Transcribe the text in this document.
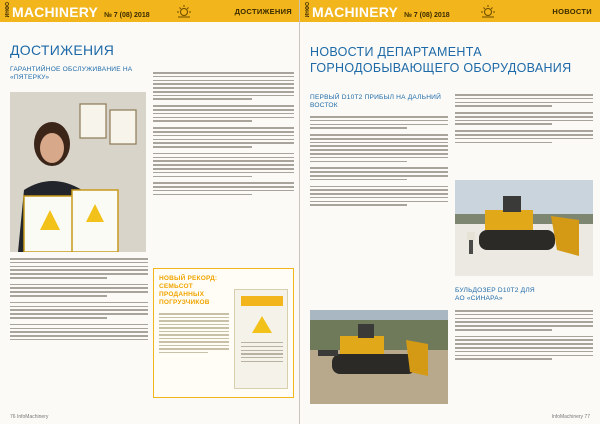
ИНФО MACHINERY № 7 (08) 2018	ДОСТИЖЕНИЯ
ДОСТИЖЕНИЯ
ГАРАНТИЙНОЕ ОБСЛУЖИВАНИЕ НА
«ПЯТЕРКУ»
НОВЫЙ РЕКОРД: СЕМЬСОТ ПРОДАННЫХ ПОГРУЗЧИКОВ
76 InfoMachinery
ИНФО MACHINERY № 7 (08) 2018	НОВОСТИ
НОВОСТИ ДЕПАРТАМЕНТА
ГОРНОДОБЫВАЮЩЕГО ОБОРУДОВАНИЯ
ПЕРВЫЙ D10T2 ПРИБЫЛ НА ДАЛЬНИЙ
ВОСТОК
БУЛЬДОЗЕР D10T2 ДЛЯ
АО «СИНАРА»
InfoMachinery 77
